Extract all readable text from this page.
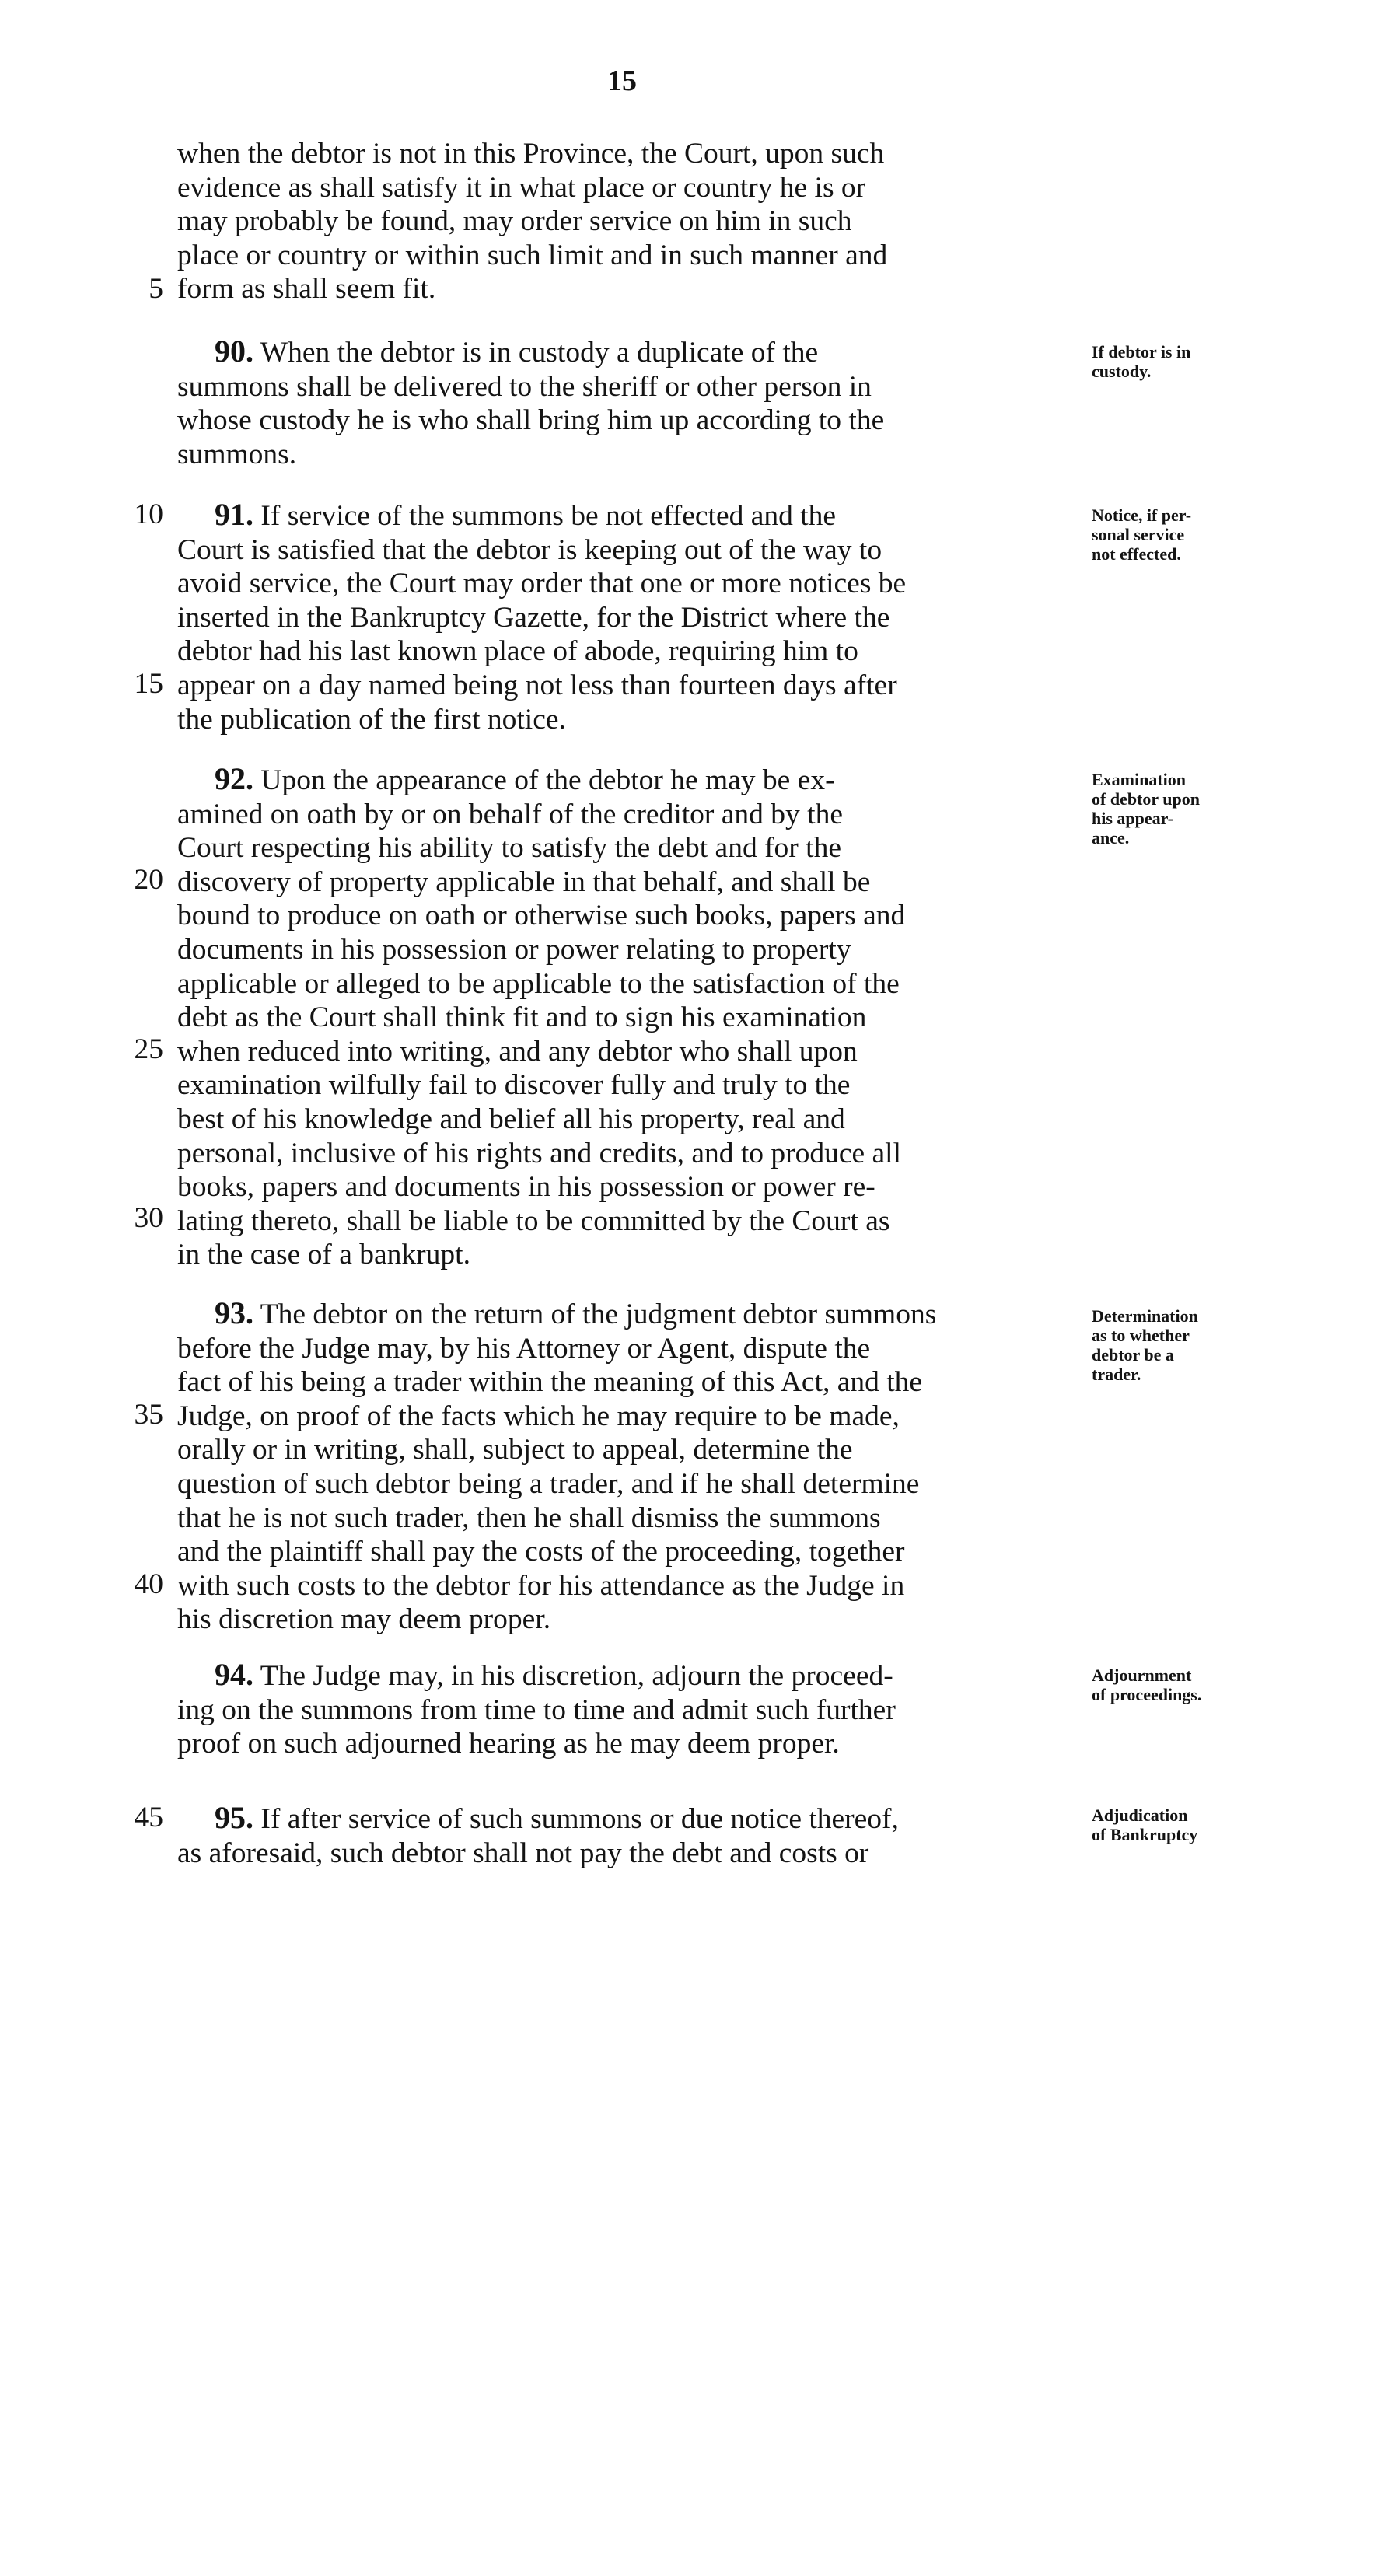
15
when the debtor is not in this Province, the Court, upon such
evidence as shall satisfy it in what place or country he is or
may probably be found, may order service on him in such
place or country or within such limit and in such manner and
form as shall seem fit.
90. When the debtor is in custody a duplicate of the
summons shall be delivered to the sheriff or other person in
whose custody he is who shall bring him up according to the
summons.
If debtor is in
custody.
91. If service of the summons be not effected and the
Court is satisfied that the debtor is keeping out of the way to
avoid service, the Court may order that one or more notices be
inserted in the Bankruptcy Gazette, for the District where the
debtor had his last known place of abode, requiring him to
appear on a day named being not less than fourteen days after
the publication of the first notice.
Notice, if per-
sonal service
not effected.
92. Upon the appearance of the debtor he may be ex-
amined on oath by or on behalf of the creditor and by the
Court respecting his ability to satisfy the debt and for the
discovery of property applicable in that behalf, and shall be
bound to produce on oath or otherwise such books, papers and
documents in his possession or power relating to property
applicable or alleged to be applicable to the satisfaction of the
debt as the Court shall think fit and to sign his examination
when reduced into writing, and any debtor who shall upon
examination wilfully fail to discover fully and truly to the
best of his knowledge and belief all his property, real and
personal, inclusive of his rights and credits, and to produce all
books, papers and documents in his possession or power re-
lating thereto, shall be liable to be committed by the Court as
in the case of a bankrupt.
Examination
of debtor upon
his appear-
ance.
93. The debtor on the return of the judgment debtor summons
before the Judge may, by his Attorney or Agent, dispute the
fact of his being a trader within the meaning of this Act, and the
Judge, on proof of the facts which he may require to be made,
orally or in writing, shall, subject to appeal, determine the
question of such debtor being a trader, and if he shall determine
that he is not such trader, then he shall dismiss the summons
and the plaintiff shall pay the costs of the proceeding, together
with such costs to the debtor for his attendance as the Judge in
his discretion may deem proper.
Determination
as to whether
debtor be a
trader.
94. The Judge may, in his discretion, adjourn the proceed-
ing on the summons from time to time and admit such further
proof on such adjourned hearing as he may deem proper.
Adjournment
of proceedings.
95. If after service of such summons or due notice thereof,
as aforesaid, such debtor shall not pay the debt and costs or
Adjudication
of Bankruptcy
5
10
15
20
25
30
35
40
45
